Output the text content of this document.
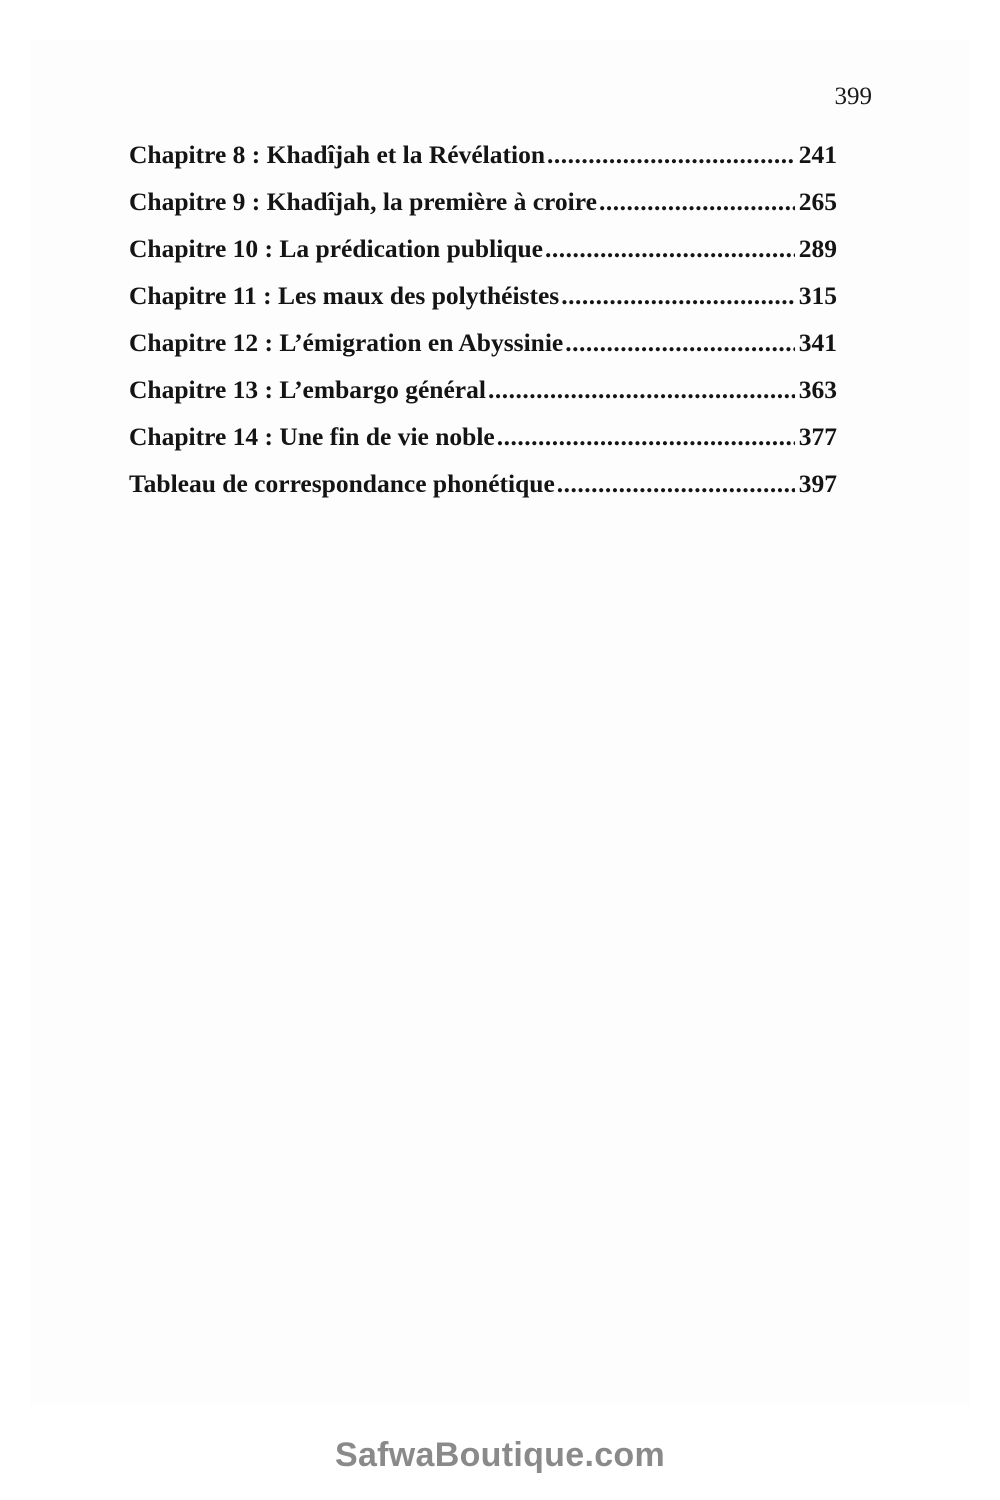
399
Chapitre 8 : Khadîjah et la Révélation .....	241
Chapitre 9 : Khadîjah, la première à croire .....	265
Chapitre 10 : La prédication publique .....	289
Chapitre 11 : Les maux des polythéistes .....	315
Chapitre 12 : L’émigration en Abyssinie .....	341
Chapitre 13 : L’embargo général .....	363
Chapitre 14 : Une fin de vie noble .....	377
Tableau de correspondance phonétique .....	397
SafwaBoutique.com
